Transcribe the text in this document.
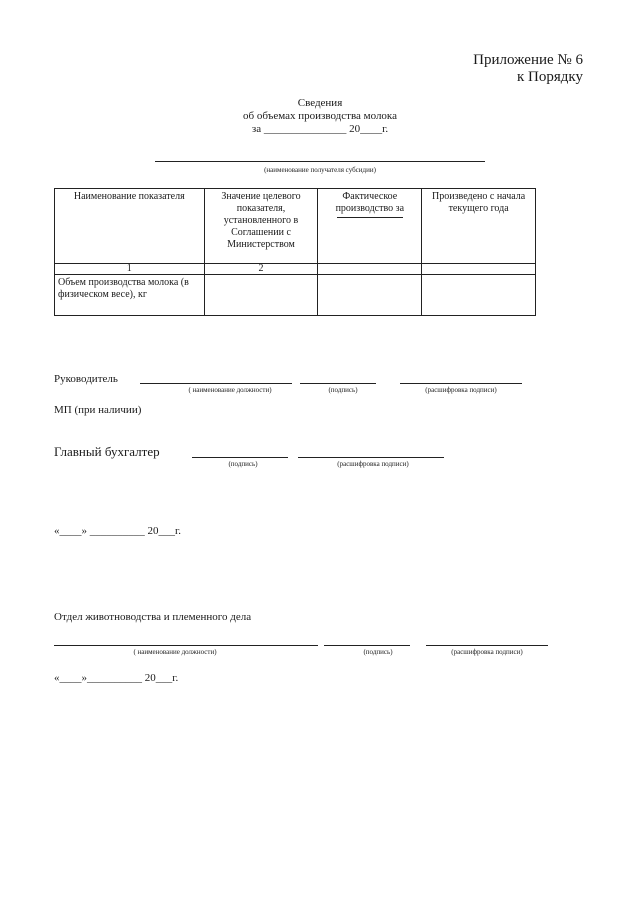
Приложение № 6
к Порядку
Сведения
об объемах производства молока
за _______________ 20____г.
(наименование получателя субсидии)
Наименование показателя	Значение целевого показателя, установленного в Соглашении с Министерством	Фактическое производство за	Произведено с начала текущего года
1	2		
Объем производства молока (в физическом весе), кг			
Руководитель
( наименование должности)	(подпись)	(расшифровка подписи)
МП (при наличии)
Главный бухгалтер
(подпись)	(расшифровка подписи)
«____» __________ 20___г.
Отдел животноводства и племенного дела
( наименование должности)	(подпись)	(расшифровка подписи)
«____»__________ 20___г.
